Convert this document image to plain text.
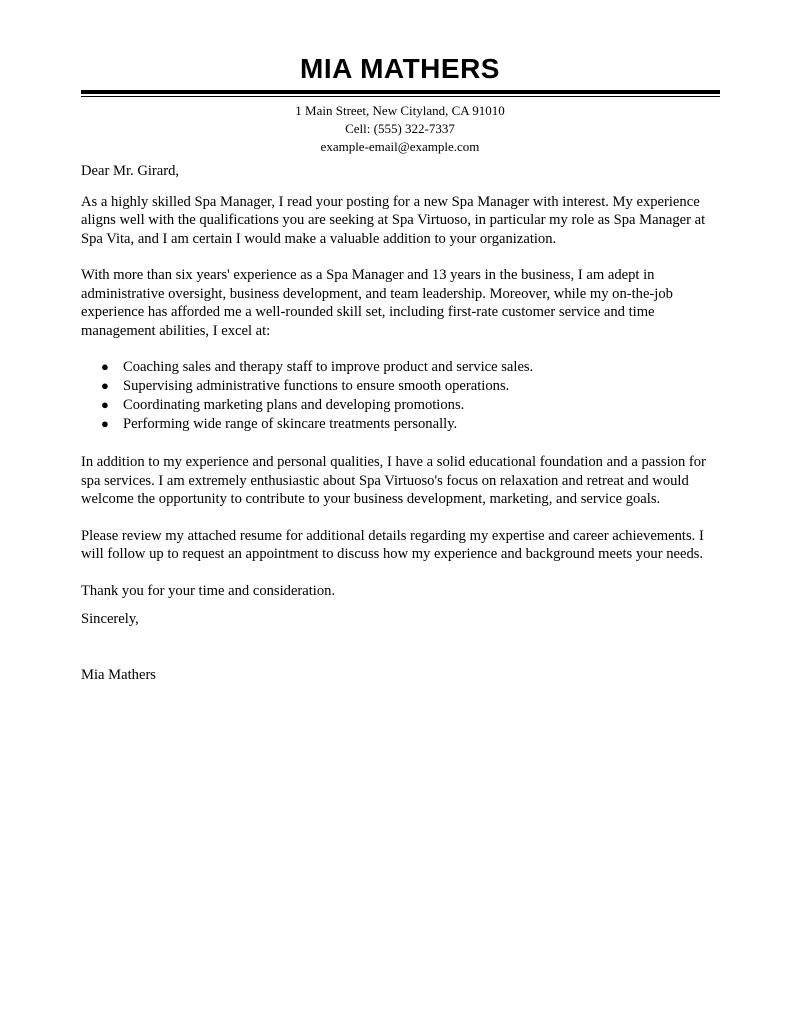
MIA MATHERS
1 Main Street, New Cityland, CA 91010
Cell: (555) 322-7337
example-email@example.com

Dear Mr. Girard,

As a highly skilled Spa Manager, I read your posting for a new Spa Manager with interest. My experience aligns well with the qualifications you are seeking at Spa Virtuoso, in particular my role as Spa Manager at Spa Vita, and I am certain I would make a valuable addition to your organization.

With more than six years' experience as a Spa Manager and 13 years in the business, I am adept in administrative oversight, business development, and team leadership. Moreover, while my on-the-job experience has afforded me a well-rounded skill set, including first-rate customer service and time management abilities, I excel at:

● Coaching sales and therapy staff to improve product and service sales.
● Supervising administrative functions to ensure smooth operations.
● Coordinating marketing plans and developing promotions.
● Performing wide range of skincare treatments personally.

In addition to my experience and personal qualities, I have a solid educational foundation and a passion for spa services. I am extremely enthusiastic about Spa Virtuoso's focus on relaxation and retreat and would welcome the opportunity to contribute to your business development, marketing, and service goals.

Please review my attached resume for additional details regarding my expertise and career achievements. I will follow up to request an appointment to discuss how my experience and background meets your needs.

Thank you for your time and consideration.

Sincerely,

Mia Mathers
